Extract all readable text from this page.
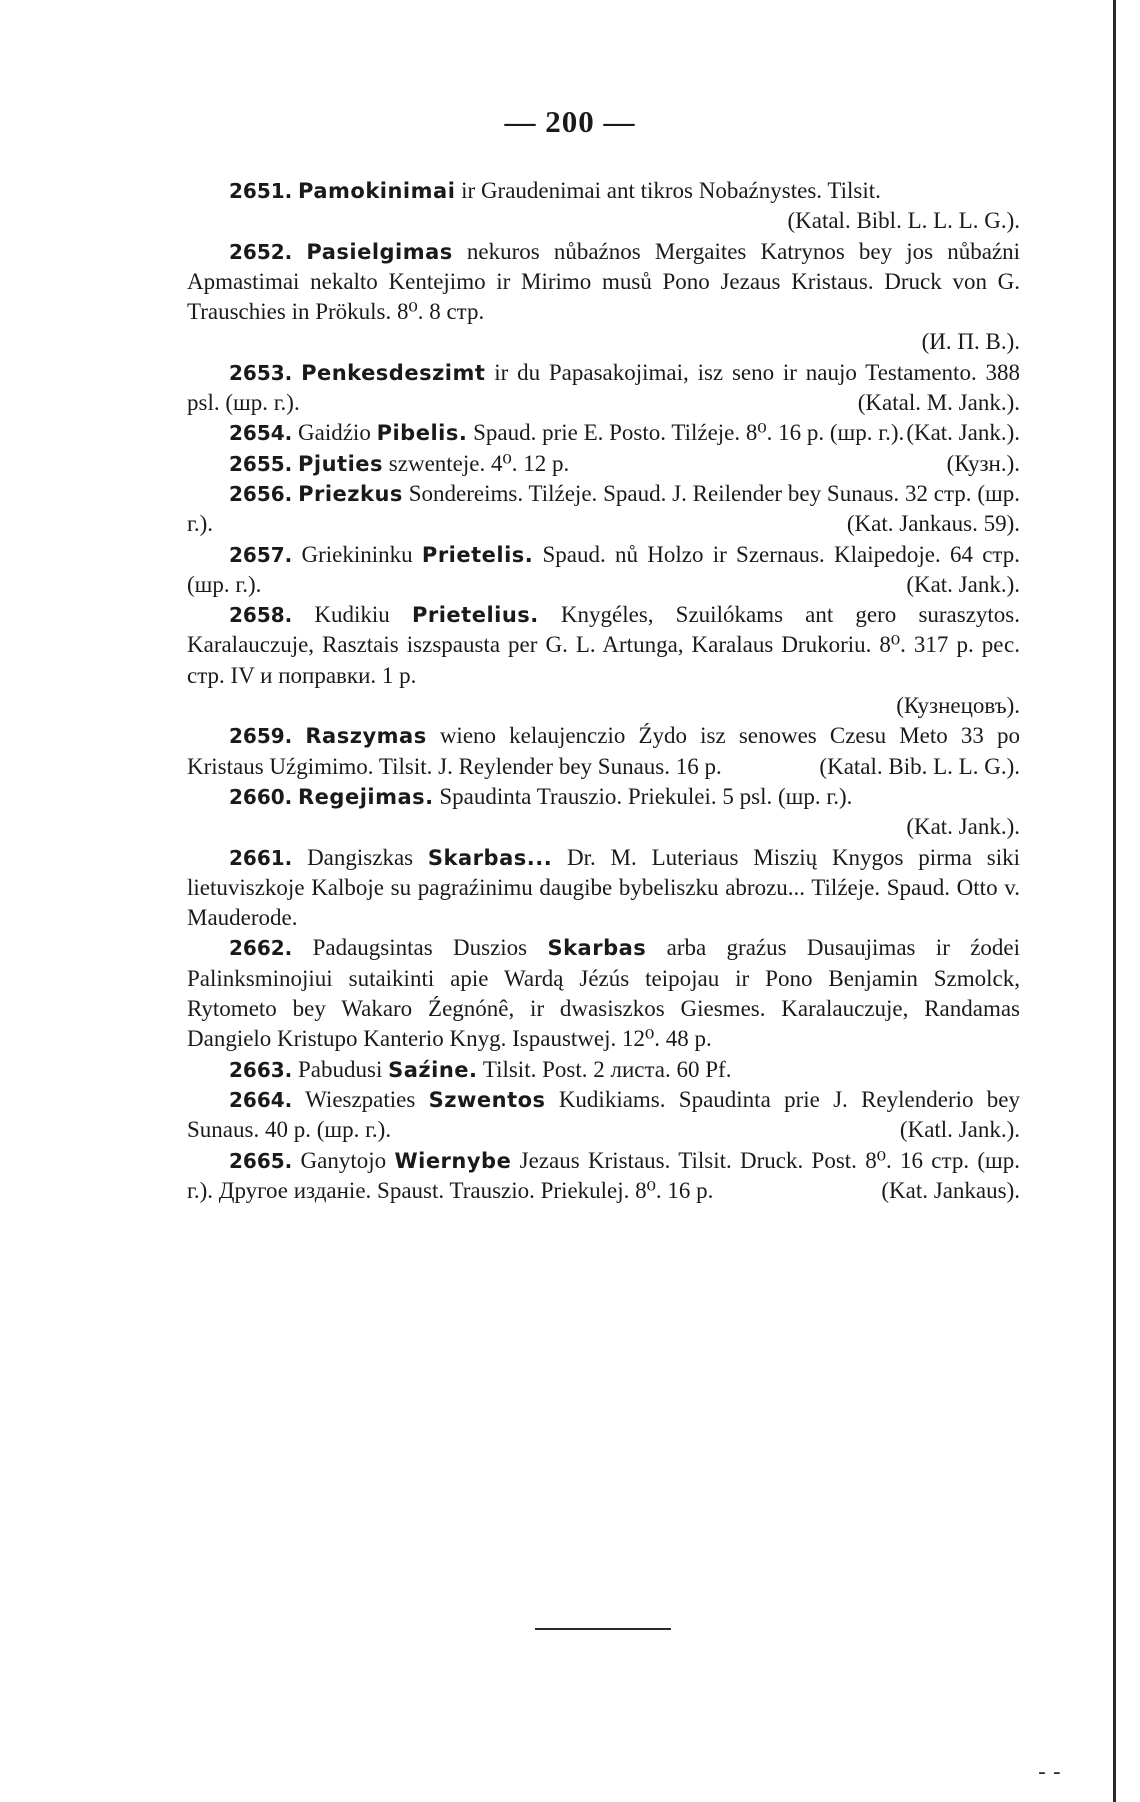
— 200 —

2651. Pamokinimai ir Graudenimai ant tikros Nobaźnystes. Tilsit.
(Katal. Bibl. L. L. L. G.).

2652. Pasielgimas nekuros nůbaźnos Mergaites Katrynos bey jos nůbaźni Apmastimai nekalto Kentejimo ir Mirimo musů Pono Jezaus Kristaus. Druck von G. Trauschies in Prökuls. 8⁰. 8 стр.
(И. П. В.).

2653. Penkesdeszimt ir du Papasakojimai, isz seno ir naujo Testamento. 388 psl. (шр. г.).	(Katal. M. Jank.).

2654. Gaidźio Pibelis. Spaud. prie E. Posto. Tilźeje. 8⁰. 16 p. (шр. г.). (Kat. Jank.).

2655. Pjuties szwenteje. 4⁰. 12 p.	(Кузн.).

2656. Priezkus Sondereims. Tilźeje. Spaud. J. Reilender bey Sunaus. 32 стр. (шр. г.).	(Kat. Jankaus. 59).

2657. Griekininku Prietelis. Spaud. nů Holzo ir Szernaus. Klaipedoje. 64 стр. (шр. г.).	(Kat. Jank.).

2658. Kudikiu Prietelius. Knygéles, Szuilókams ant gero suraszytos. Karalauczuje, Rasztais iszspausta per G. L. Artunga, Karalaus Drukoriu. 8⁰. 317 p. рес. стр. IV и поправки. 1 p.
(Кузнецовъ).

2659. Raszymas wieno kelaujenczio Źydo isz senowes Czesu Meto 33 po Kristaus Uźgimimo. Tilsit. J. Reylender bey Sunaus. 16 p.	(Katal. Bib. L. L. G.).

2660. Regejimas. Spaudinta Trauszio. Priekulei. 5 psl. (шр. г.).
(Kat. Jank.).

2661. Dangiszkas Skarbas... Dr. M. Luteriaus Miszių Knygos pirma siki lietuviszkoje Kalboje su pagraźinimu daugibe bybeliszku abrozu... Tilźeje. Spaud. Otto v. Mauderode.

2662. Padaugsintas Duszios Skarbas arba graźus Dusaujimas ir źodei Palinksminojiui sutaikinti apie Wardą Jézús teipojau ir Pono Benjamin Szmolck, Rytometo bey Wakaro Źegnónê, ir dwasiszkos Giesmes. Karalauczuje, Randamas Dangielo Kristupo Kanterio Knyg. Ispaustwej. 12⁰. 48 p.

2663. Pabudusi Saźine. Tilsit. Post. 2 листа. 60 Pf.

2664. Wieszpaties Szwentos Kudikiams. Spaudinta prie J. Reylenderio bey Sunaus. 40 p. (шр. г.).	(Katl. Jank.).

2665. Ganytojo Wiernybe Jezaus Kristaus. Tilsit. Druck. Post. 8⁰. 16 стр. (шр. г.). Другое изданіе. Spaust. Trauszio. Priekulej. 8⁰. 16 p.	(Kat. Jankaus).

- -
